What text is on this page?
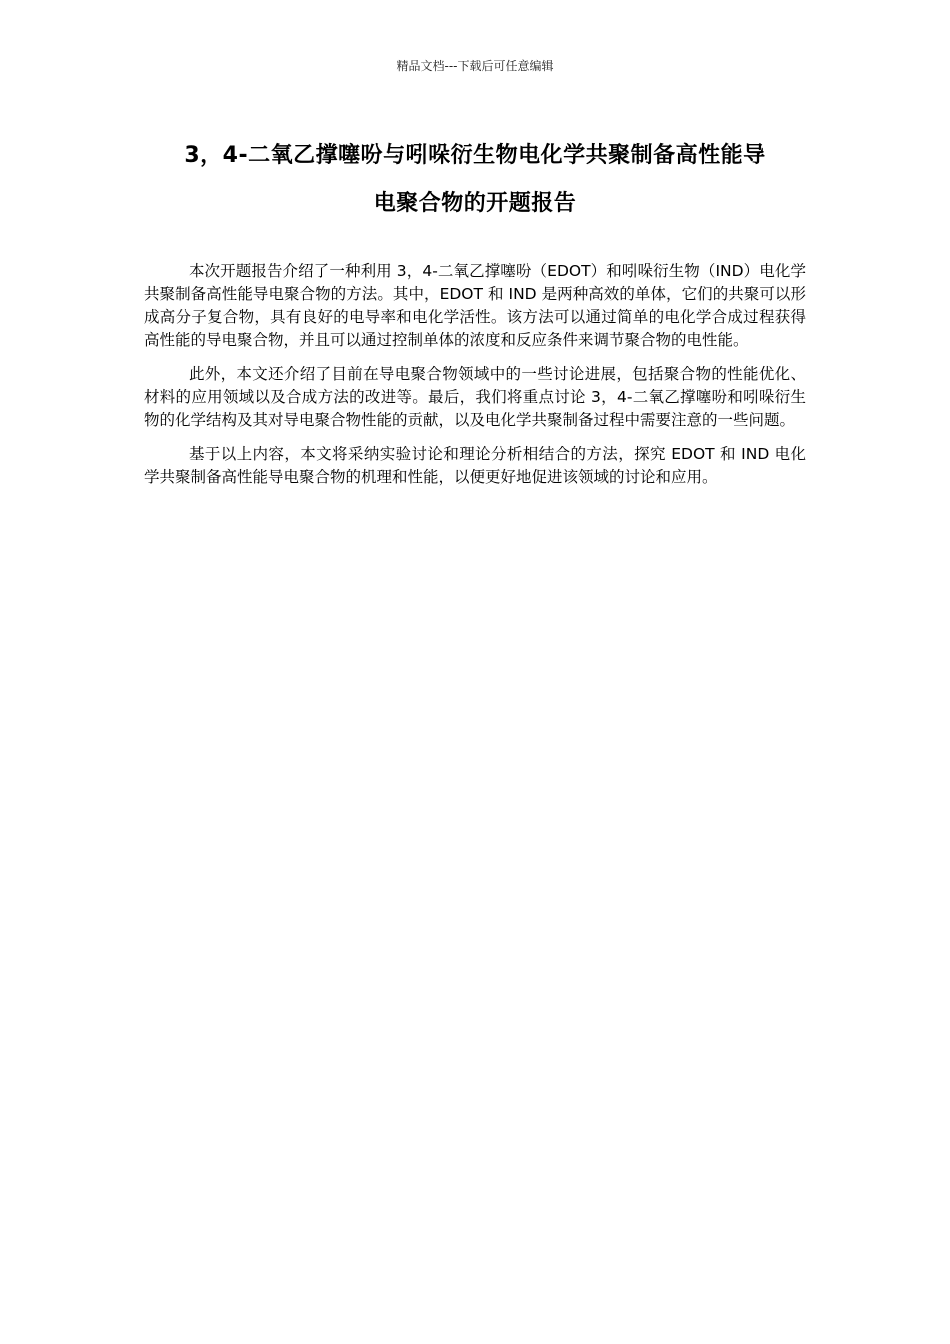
精品文档---下载后可任意编辑
3，4-二氧乙撑噻吩与吲哚衍生物电化学共聚制备高性能导
电聚合物的开题报告

本次开题报告介绍了一种利用 3，4-二氧乙撑噻吩（EDOT）和吲哚衍生物（IND）电化学共聚制备高性能导电聚合物的方法。其中，EDOT 和 IND 是两种高效的单体，它们的共聚可以形成高分子复合物，具有良好的电导率和电化学活性。该方法可以通过简单的电化学合成过程获得高性能的导电聚合物，并且可以通过控制单体的浓度和反应条件来调节聚合物的电性能。

此外，本文还介绍了目前在导电聚合物领域中的一些讨论进展，包括聚合物的性能优化、材料的应用领域以及合成方法的改进等。最后，我们将重点讨论 3，4-二氧乙撑噻吩和吲哚衍生物的化学结构及其对导电聚合物性能的贡献，以及电化学共聚制备过程中需要注意的一些问题。

基于以上内容，本文将采纳实验讨论和理论分析相结合的方法，探究 EDOT 和 IND 电化学共聚制备高性能导电聚合物的机理和性能，以便更好地促进该领域的讨论和应用。
